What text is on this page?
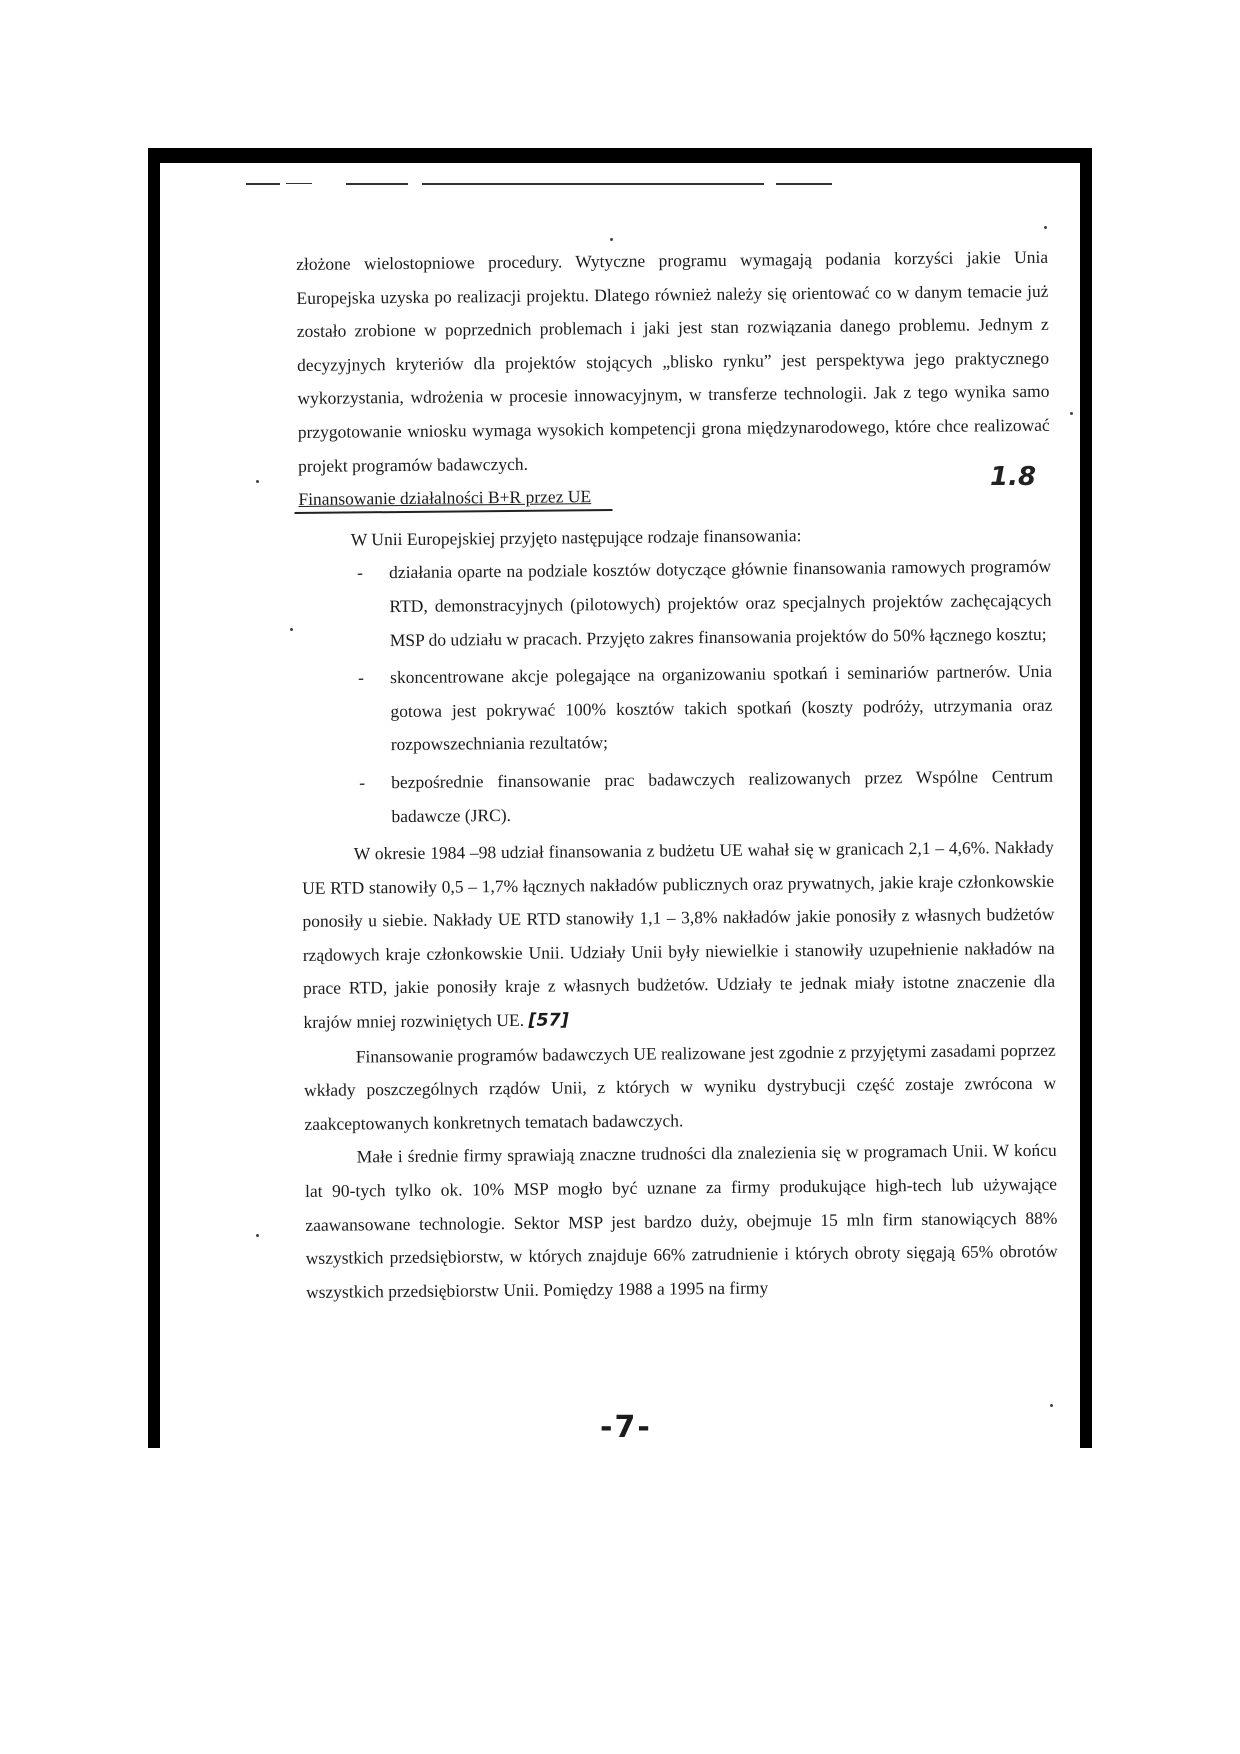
1.8

złożone wielostopniowe procedury. Wytyczne programu wymagają podania korzyści jakie Unia Europejska uzyska po realizacji projektu. Dlatego również należy się orientować co w danym temacie już zostało zrobione w poprzednich problemach i jaki jest stan rozwiązania danego problemu. Jednym z decyzyjnych kryteriów dla projektów stojących „blisko rynku” jest perspektywa jego praktycznego wykorzystania, wdrożenia w procesie innowacyjnym, w transferze technologii. Jak z tego wynika samo przygotowanie wniosku wymaga wysokich kompetencji grona międzynarodowego, które chce realizować projekt programów badawczych.

Finansowanie działalności B+R przez UE

W Unii Europejskiej przyjęto następujące rodzaje finansowania:

- działania oparte na podziale kosztów dotyczące głównie finansowania ramowych programów RTD, demonstracyjnych (pilotowych) projektów oraz specjalnych projektów zachęcających MSP do udziału w pracach. Przyjęto zakres finansowania projektów do 50% łącznego kosztu;
- skoncentrowane akcje polegające na organizowaniu spotkań i seminariów partnerów. Unia gotowa jest pokrywać 100% kosztów takich spotkań (koszty podróży, utrzymania oraz rozpowszechniania rezultatów;
- bezpośrednie finansowanie prac badawczych realizowanych przez Wspólne Centrum badawcze (JRC).

W okresie 1984 –98 udział finansowania z budżetu UE wahał się w granicach 2,1 – 4,6%. Nakłady UE RTD stanowiły 0,5 – 1,7% łącznych nakładów publicznych oraz prywatnych, jakie kraje członkowskie ponosiły u siebie. Nakłady UE RTD stanowiły 1,1 – 3,8% nakładów jakie ponosiły z własnych budżetów rządowych kraje członkowskie Unii. Udziały Unii były niewielkie i stanowiły uzupełnienie nakładów na prace RTD, jakie ponosiły kraje z własnych budżetów. Udziały te jednak miały istotne znaczenie dla krajów mniej rozwiniętych UE. [57]

Finansowanie programów badawczych UE realizowane jest zgodnie z przyjętymi zasadami poprzez wkłady poszczególnych rządów Unii, z których w wyniku dystrybucji część zostaje zwrócona w zaakceptowanych konkretnych tematach badawczych.

Małe i średnie firmy sprawiają znaczne trudności dla znalezienia się w programach Unii. W końcu lat 90-tych tylko ok. 10% MSP mogło być uznane za firmy produkujące high-tech lub używające zaawansowane technologie. Sektor MSP jest bardzo duży, obejmuje 15 mln firm stanowiących 88% wszystkich przedsiębiorstw, w których znajduje 66% zatrudnienie i których obroty sięgają 65% obrotów wszystkich przedsiębiorstw Unii. Pomiędzy 1988 a 1995 na firmy

-7-
